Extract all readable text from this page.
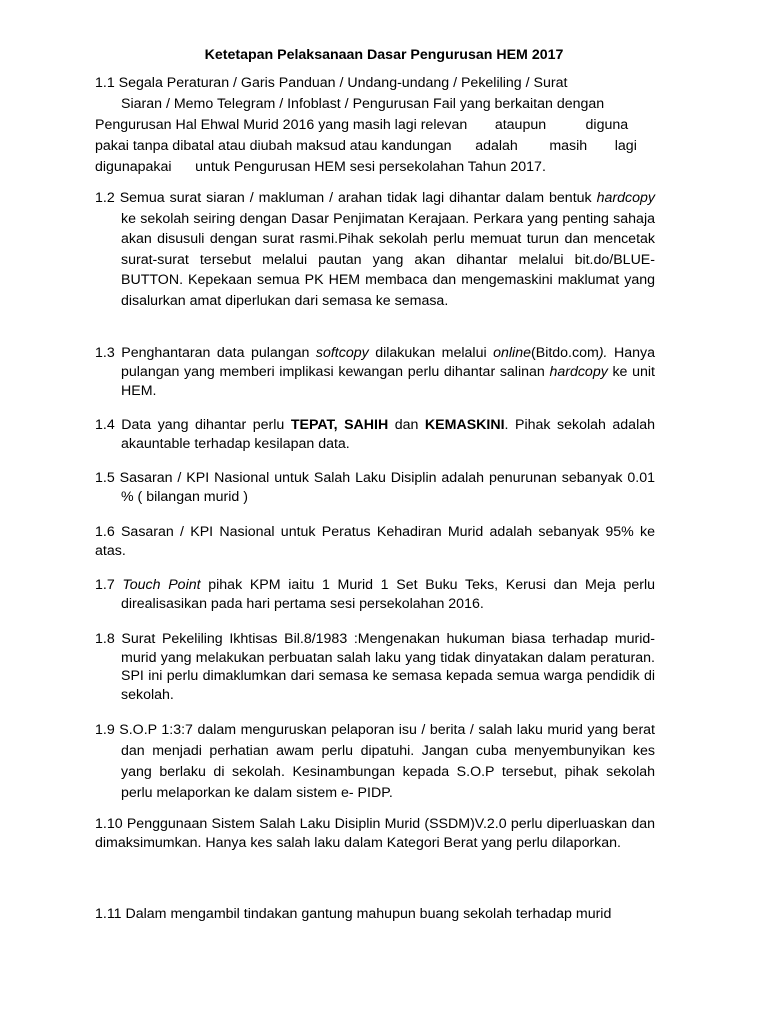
Ketetapan Pelaksanaan Dasar Pengurusan HEM 2017
1.1 Segala Peraturan / Garis Panduan / Undang-undang / Pekeliling / Surat
Siaran / Memo Telegram / Infoblast / Pengurusan Fail yang berkaitan dengan
Pengurusan Hal Ehwal Murid 2016 yang masih lagi relevan       ataupun          diguna
pakai tanpa dibatal atau diubah maksud atau kandungan      adalah        masih       lagi
digunapakai      untuk Pengurusan HEM sesi persekolahan Tahun 2017.
1.2 Semua surat siaran / makluman / arahan tidak lagi dihantar dalam bentuk hardcopy ke sekolah seiring dengan Dasar Penjimatan Kerajaan. Perkara yang penting sahaja akan disusuli dengan surat rasmi.Pihak sekolah perlu memuat turun dan mencetak surat-surat tersebut melalui pautan yang akan dihantar melalui bit.do/BLUE-BUTTON. Kepekaan semua PK HEM membaca dan mengemaskini maklumat yang disalurkan amat diperlukan dari semasa ke semasa.
1.3 Penghantaran data pulangan softcopy dilakukan melalui online(Bitdo.com). Hanya pulangan yang memberi implikasi kewangan perlu dihantar salinan hardcopy ke unit HEM.
1.4 Data yang dihantar perlu TEPAT, SAHIH dan KEMASKINI. Pihak sekolah adalah akauntable terhadap kesilapan data.
1.5 Sasaran / KPI Nasional untuk Salah Laku Disiplin adalah penurunan sebanyak 0.01 % ( bilangan murid )
1.6 Sasaran / KPI Nasional untuk Peratus Kehadiran Murid adalah sebanyak 95% ke atas.
1.7 Touch Point pihak KPM iaitu 1 Murid 1 Set Buku Teks, Kerusi dan Meja perlu direalisasikan pada hari pertama sesi persekolahan 2016.
1.8 Surat Pekeliling Ikhtisas Bil.8/1983 :Mengenakan hukuman biasa terhadap murid-murid yang melakukan perbuatan salah laku yang tidak dinyatakan dalam peraturan. SPI ini perlu dimaklumkan dari semasa ke semasa kepada semua warga pendidik di sekolah.
1.9 S.O.P 1:3:7 dalam menguruskan pelaporan isu / berita / salah laku murid yang berat dan menjadi perhatian awam perlu dipatuhi. Jangan cuba menyembunyikan kes yang berlaku di sekolah. Kesinambungan kepada S.O.P tersebut, pihak sekolah perlu melaporkan ke dalam sistem e- PIDP.
1.10 Penggunaan Sistem Salah Laku Disiplin Murid (SSDM)V.2.0 perlu diperluaskan dan dimaksimumkan. Hanya kes salah laku dalam Kategori Berat yang perlu dilaporkan.
1.11 Dalam mengambil tindakan gantung mahupun buang sekolah terhadap murid
